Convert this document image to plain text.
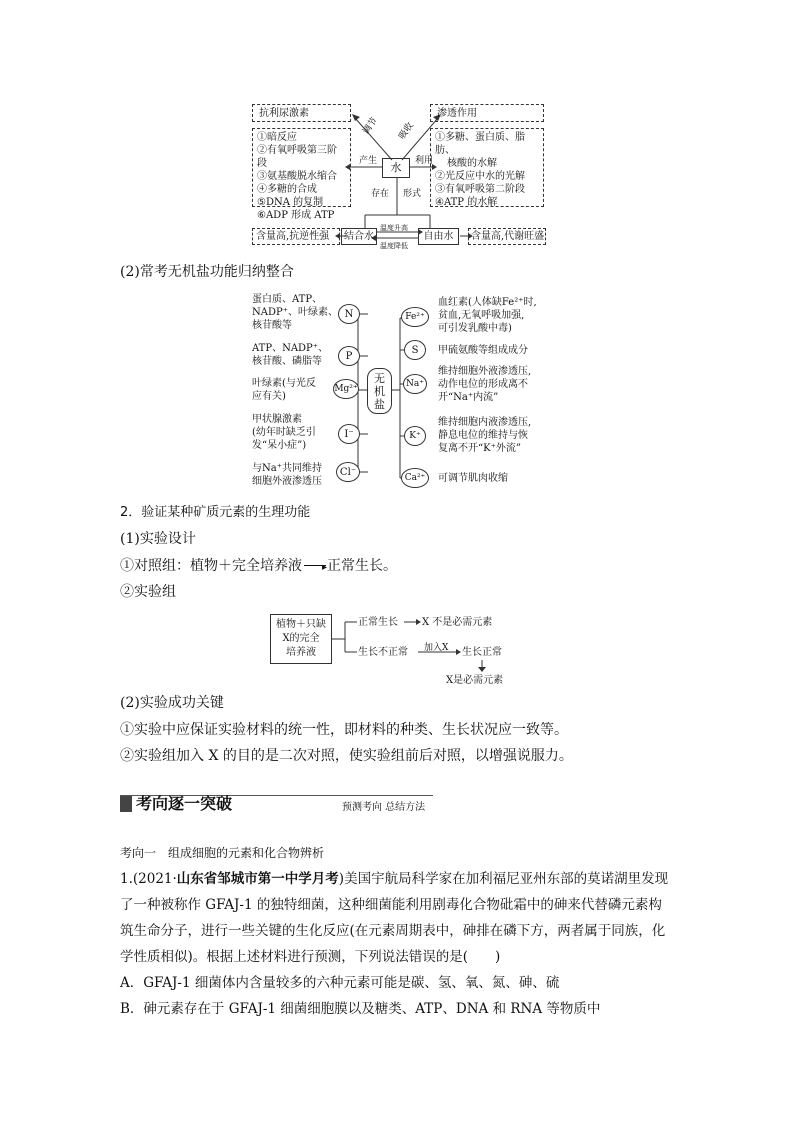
抗利尿激素	渗透作用
①暗反应
②有氧呼吸第三阶段
③氨基酸脱水缩合
④多糖的合成
⑤DNA 的复制
⑥ADP 形成 ATP
①多糖、蛋白质、脂肪、
核酸的水解
②光反应中水的光解
③有氧呼吸第二阶段
④ATP 的水解
水
调节 吸收
产生	利用
存在 形式
结合水	自由水
温度升高
温度降低
含量高,抗逆性强	含量高,代谢旺盛
(2)常考无机盐功能归纳整合
无
机
盐
蛋白质、ATP、
NADP⁺、叶绿素、
核苷酸等
N
ATP、NADP⁺、
核苷酸、磷脂等	P
叶绿素(与光反
应有关)
Mg²⁺
甲状腺激素
(幼年时缺乏引
发“呆小症”)
I⁻
与Na⁺共同维持
细胞外液渗透压
Cl⁻
Fe²⁺
血红素(人体缺Fe²⁺时,
贫血,无氧呼吸加强,
可引发乳酸中毒)
S 甲硫氨酸等组成成分
Na⁺
维持细胞外液渗透压,
动作电位的形成离不
开“Na⁺内流”
K⁺
维持细胞内液渗透压,
静息电位的维持与恢
复离不开“K⁺外流”
Ca²⁺ 可调节肌肉收缩
2．验证某种矿质元素的生理功能
(1)实验设计
①对照组：植物＋完全培养液 ▸正常生长。
②实验组
植物＋只缺
X的完全
培养液
正常生长 X 不是必需元素
生长不正常 加入X 生长正常
X是必需元素
(2)实验成功关键
①实验中应保证实验材料的统一性，即材料的种类、生长状况应一致等。
②实验组加入 X 的目的是二次对照，使实验组前后对照，以增强说服力。
考向逐一突破	预测考向 总结方法
考向一　组成细胞的元素和化合物辨析
1.(2021·山东省邹城市第一中学月考)美国宇航局科学家在加利福尼亚州东部的莫诺湖里发现
了一种被称作 GFAJ-1 的独特细菌，这种细菌能利用剧毒化合物砒霜中的砷来代替磷元素构
筑生命分子，进行一些关键的生化反应(在元素周期表中，砷排在磷下方，两者属于同族，化
学性质相似)。根据上述材料进行预测，下列说法错误的是(　　)
A．GFAJ-1 细菌体内含量较多的六种元素可能是碳、氢、氧、氮、砷、硫
B．砷元素存在于 GFAJ-1 细菌细胞膜以及糖类、ATP、DNA 和 RNA 等物质中
